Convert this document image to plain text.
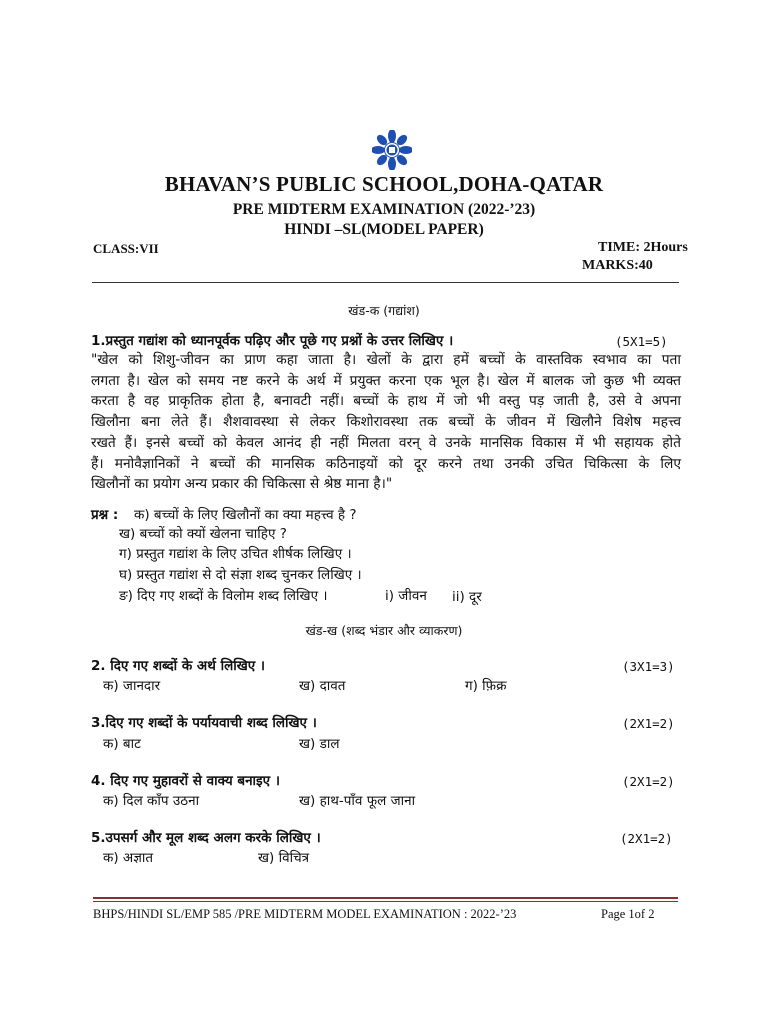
BHAVAN’S PUBLIC SCHOOL,DOHA-QATAR
PRE MIDTERM EXAMINATION (2022-’23)
HINDI –SL(MODEL PAPER)
CLASS:VII	TIME: 2Hours
MARKS:40
खंड-क (गद्यांश)
1.प्रस्तुत गद्यांश को ध्यानपूर्वक पढ़िए और पूछे गए प्रश्नों के उत्तर लिखिए ।	(5X1=5)
"खेल को शिशु-जीवन का प्राण कहा जाता है। खेलों के द्वारा हमें बच्चों के वास्तविक स्वभाव का पता
लगता है। खेल को समय नष्ट करने के अर्थ में प्रयुक्त करना एक भूल है। खेल में बालक जो कुछ भी व्यक्त
करता है वह प्राकृतिक होता है, बनावटी नहीं। बच्चों के हाथ में जो भी वस्तु पड़ जाती है, उसे वे अपना
खिलौना बना लेते हैं। शैशवावस्था से लेकर किशोरावस्था तक बच्चों के जीवन में खिलौने विशेष महत्त्व
रखते हैं। इनसे बच्चों को केवल आनंद ही नहीं मिलता वरन् वे उनके मानसिक विकास में भी सहायक होते
हैं। मनोवैज्ञानिकों ने बच्चों की मानसिक कठिनाइयों को दूर करने तथा उनकी उचित चिकित्सा के लिए
खिलौनों का प्रयोग अन्य प्रकार की चिकित्सा से श्रेष्ठ माना है।"
प्रश्न : क) बच्चों के लिए खिलौनों का क्या महत्त्व है ?
ख) बच्चों को क्यों खेलना चाहिए ?
ग) प्रस्तुत गद्यांश के लिए उचित शीर्षक लिखिए ।
घ) प्रस्तुत गद्यांश से दो संज्ञा शब्द चुनकर लिखिए ।
ङ) दिए गए शब्दों के विलोम शब्द लिखिए ।	i) जीवन ii) दूर
खंड-ख (शब्द भंडार और व्याकरण)
2. दिए गए शब्दों के अर्थ लिखिए ।	(3X1=3)
क) जानदार	ख) दावत	ग) फ़िक्र
3.दिए गए शब्दों के पर्यायवाची शब्द लिखिए ।	(2X1=2)
क) बाट	ख) डाल
4. दिए गए मुहावरों से वाक्य बनाइए ।	(2X1=2)
क) दिल काँप उठना	ख) हाथ-पाँव फूल जाना
5.उपसर्ग और मूल शब्द अलग करके लिखिए ।	(2X1=2)
क) अज्ञात	ख) विचित्र
BHPS/HINDI SL/EMP 585 /PRE MIDTERM MODEL EXAMINATION : 2022-’23	Page 1of 2
